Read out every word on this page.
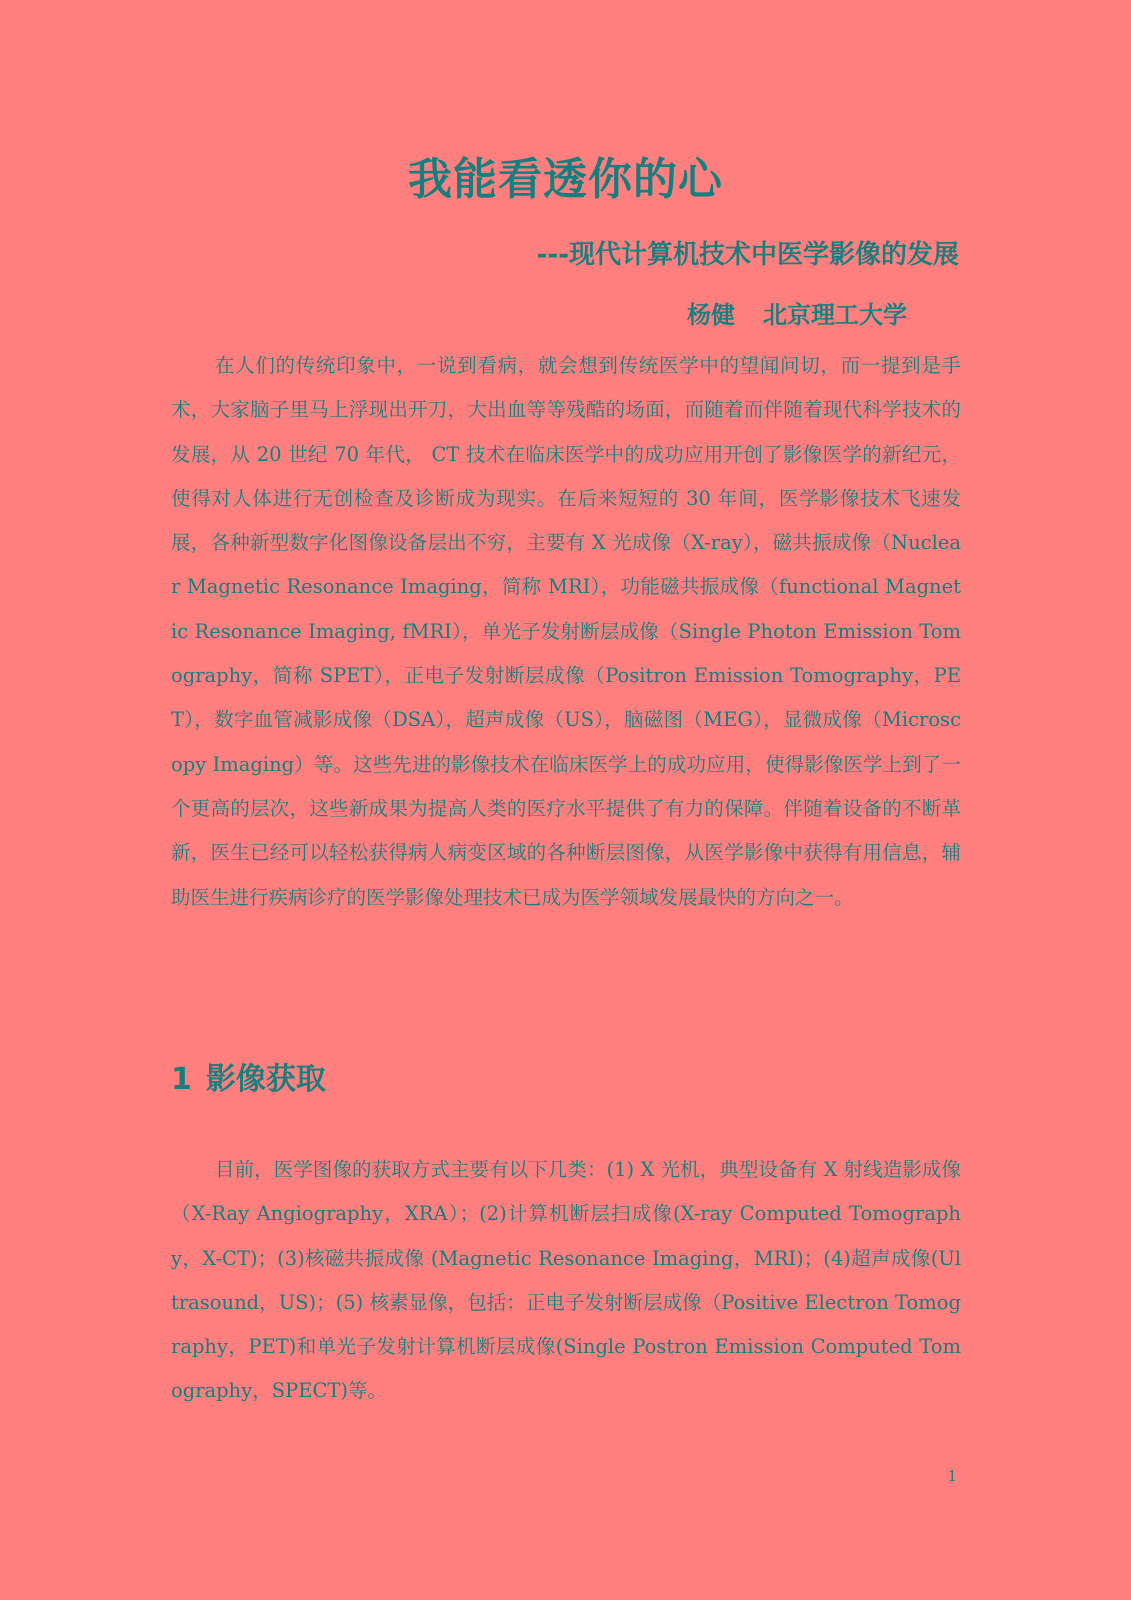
我能看透你的心
---现代计算机技术中医学影像的发展
杨健 北京理工大学

在人们的传统印象中，一说到看病，就会想到传统医学中的望闻问切，而一提到是手术，大家脑子里马上浮现出开刀，大出血等等残酷的场面，而随着而伴随着现代科学技术的发展，从 20 世纪 70 年代， CT 技术在临床医学中的成功应用开创了影像医学的新纪元，使得对人体进行无创检查及诊断成为现实。在后来短短的 30 年间，医学影像技术飞速发展，各种新型数字化图像设备层出不穷，主要有 X 光成像（X-ray），磁共振成像（Nuclear Magnetic Resonance Imaging，简称 MRI），功能磁共振成像（functional Magnetic Resonance Imaging, fMRI），单光子发射断层成像（Single Photon Emission Tomography，简称 SPET），正电子发射断层成像（Positron Emission Tomography，PET），数字血管减影成像（DSA），超声成像（US），脑磁图（MEG），显微成像（Microscopy Imaging）等。这些先进的影像技术在临床医学上的成功应用，使得影像医学上到了一个更高的层次，这些新成果为提高人类的医疗水平提供了有力的保障。伴随着设备的不断革新，医生已经可以轻松获得病人病变区域的各种断层图像，从医学影像中获得有用信息，辅助医生进行疾病诊疗的医学影像处理技术已成为医学领域发展最快的方向之一。

1 影像获取

目前，医学图像的获取方式主要有以下几类：(1) X 光机，典型设备有 X 射线造影成像（X-Ray Angiography，XRA）；(2)计算机断层扫成像(X-ray Computed Tomography，X-CT)；(3)核磁共振成像 (Magnetic Resonance Imaging，MRI)；(4)超声成像(Ultrasound，US)；(5) 核素显像，包括：正电子发射断层成像（Positive Electron Tomography，PET)和单光子发射计算机断层成像(Single Postron Emission Computed Tomography，SPECT)等。

1
